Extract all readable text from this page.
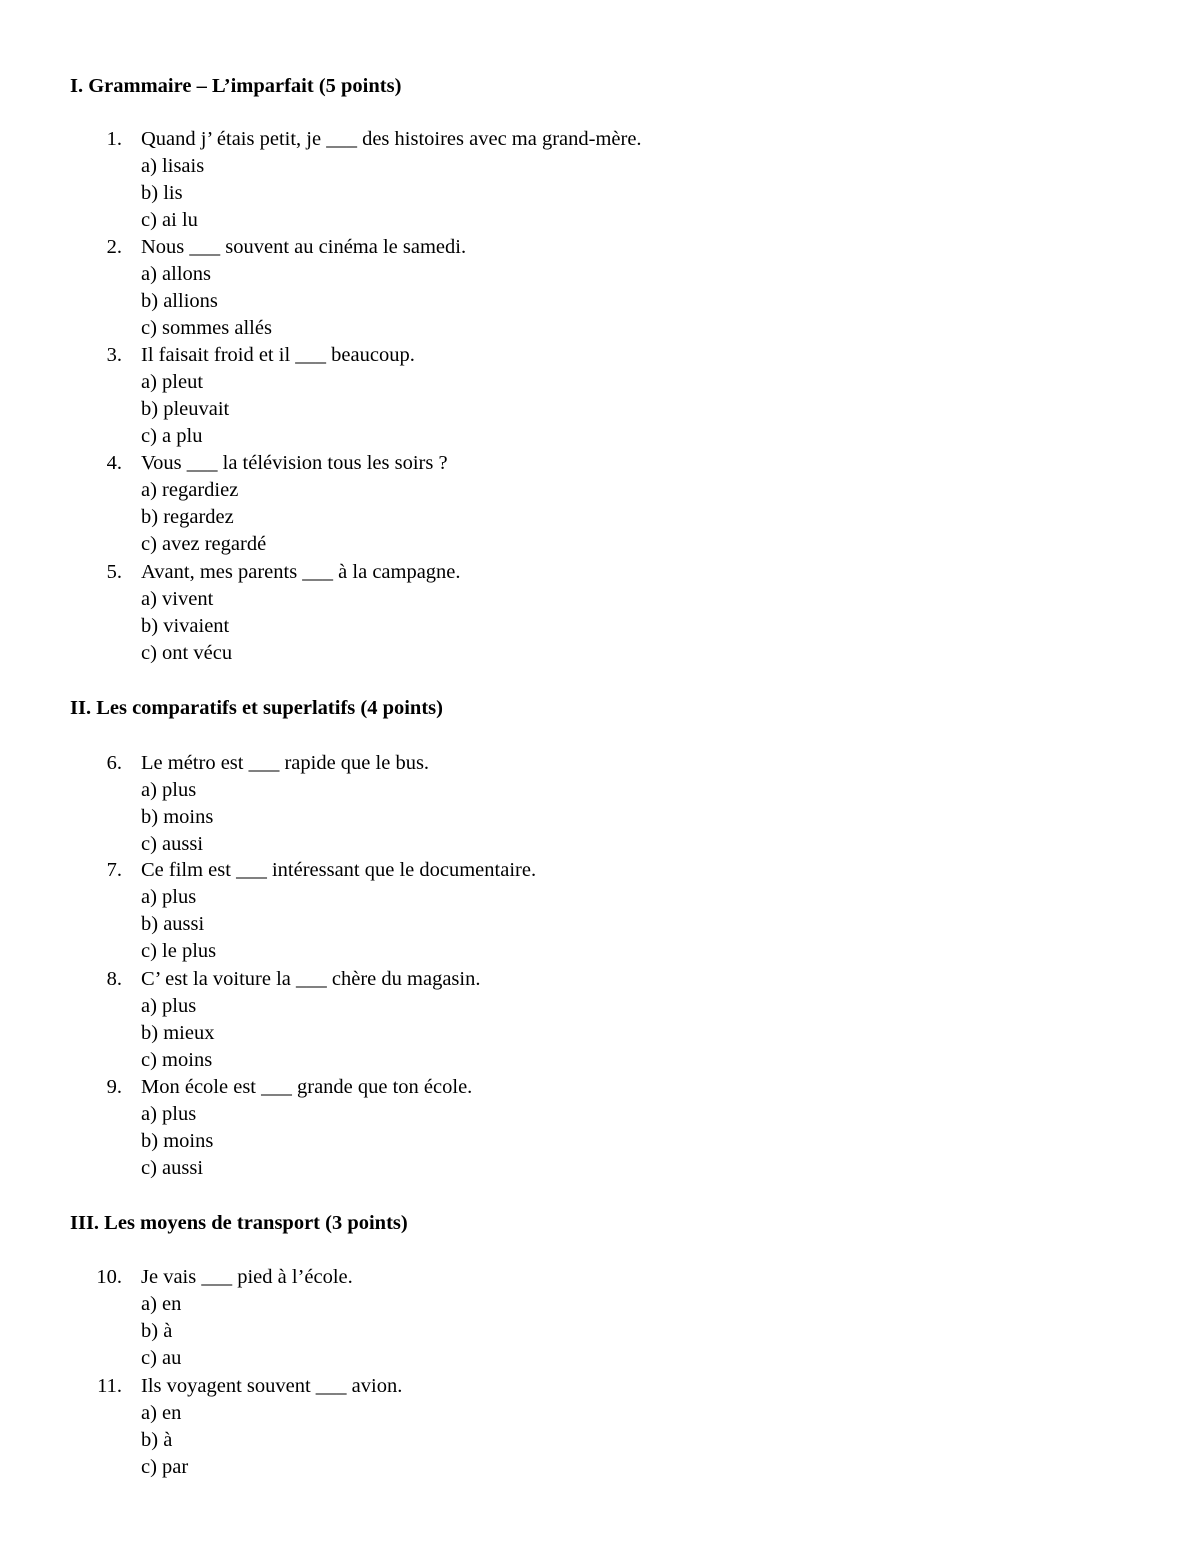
I. Grammaire – L’imparfait (5 points)
1. Quand j’ étais petit, je ___ des histoires avec ma grand-mère.
a) lisais
b) lis
c) ai lu
2. Nous ___ souvent au cinéma le samedi.
a) allons
b) allions
c) sommes allés
3. Il faisait froid et il ___ beaucoup.
a) pleut
b) pleuvait
c) a plu
4. Vous ___ la télévision tous les soirs ?
a) regardiez
b) regardez
c) avez regardé
5. Avant, mes parents ___ à la campagne.
a) vivent
b) vivaient
c) ont vécu
II. Les comparatifs et superlatifs (4 points)
6. Le métro est ___ rapide que le bus.
a) plus
b) moins
c) aussi
7. Ce film est ___ intéressant que le documentaire.
a) plus
b) aussi
c) le plus
8. C’ est la voiture la ___ chère du magasin.
a) plus
b) mieux
c) moins
9. Mon école est ___ grande que ton école.
a) plus
b) moins
c) aussi
III. Les moyens de transport (3 points)
10. Je vais ___ pied à l’école.
a) en
b) à
c) au
11. Ils voyagent souvent ___ avion.
a) en
b) à
c) par
